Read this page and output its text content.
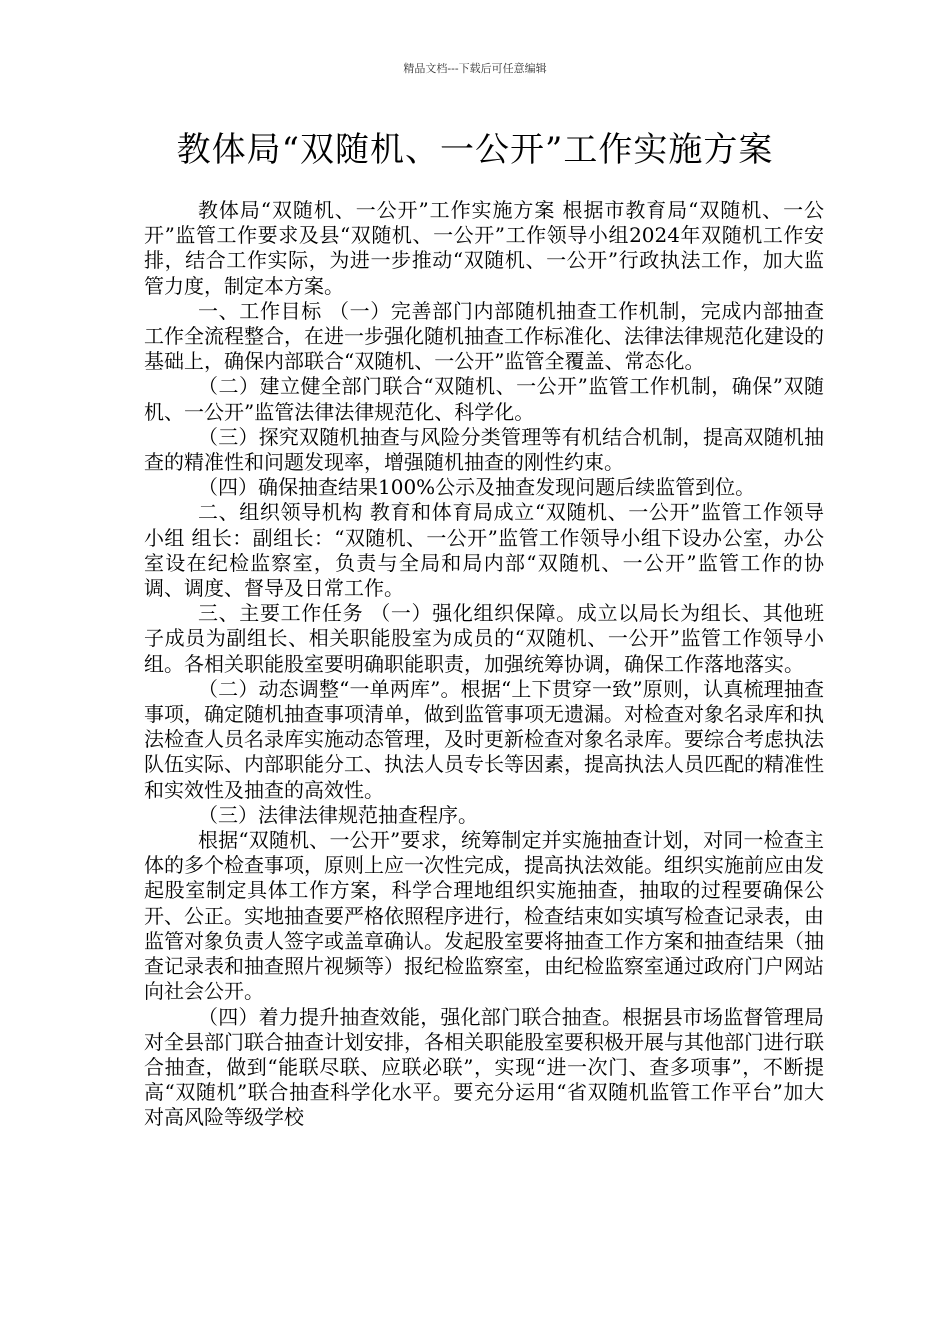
精品文档---下载后可任意编辑
教体局“双随机、一公开”工作实施方案

教体局“双随机、一公开”工作实施方案 根据市教育局“双随机、一公开”监管工作要求及县“双随机、一公开”工作领导小组2024年双随机工作安排，结合工作实际，为进一步推动“双随机、一公开”行政执法工作，加大监管力度，制定本方案。

一、工作目标 （一）完善部门内部随机抽查工作机制，完成内部抽查工作全流程整合，在进一步强化随机抽查工作标准化、法律法律规范化建设的基础上，确保内部联合“双随机、一公开”监管全覆盖、常态化。

（二）建立健全部门联合“双随机、一公开”监管工作机制，确保”双随机、一公开”监管法律法律规范化、科学化。

（三）探究双随机抽查与风险分类管理等有机结合机制，提高双随机抽查的精准性和问题发现率，增强随机抽查的刚性约束。

（四）确保抽查结果100%公示及抽查发现问题后续监管到位。

二、组织领导机构 教育和体育局成立“双随机、一公开”监管工作领导小组 组长：副组长：“双随机、一公开”监管工作领导小组下设办公室，办公室设在纪检监察室，负责与全局和局内部“双随机、一公开”监管工作的协调、调度、督导及日常工作。

三、主要工作任务 （一）强化组织保障。成立以局长为组长、其他班子成员为副组长、相关职能股室为成员的“双随机、一公开”监管工作领导小组。各相关职能股室要明确职能职责，加强统筹协调，确保工作落地落实。

（二）动态调整“一单两库”。根据“上下贯穿一致”原则，认真梳理抽查事项，确定随机抽查事项清单，做到监管事项无遗漏。对检查对象名录库和执法检查人员名录库实施动态管理，及时更新检查对象名录库。要综合考虑执法队伍实际、内部职能分工、执法人员专长等因素，提高执法人员匹配的精准性和实效性及抽查的高效性。

（三）法律法律规范抽查程序。

根据“双随机、一公开”要求，统筹制定并实施抽查计划，对同一检查主体的多个检查事项，原则上应一次性完成，提高执法效能。组织实施前应由发起股室制定具体工作方案，科学合理地组织实施抽查，抽取的过程要确保公开、公正。实地抽查要严格依照程序进行，检查结束如实填写检查记录表，由监管对象负责人签字或盖章确认。发起股室要将抽查工作方案和抽查结果（抽查记录表和抽查照片视频等）报纪检监察室，由纪检监察室通过政府门户网站向社会公开。

（四）着力提升抽查效能，强化部门联合抽查。根据县市场监督管理局对全县部门联合抽查计划安排，各相关职能股室要积极开展与其他部门进行联合抽查，做到“能联尽联、应联必联”，实现“进一次门、查多项事”，不断提高“双随机”联合抽查科学化水平。要充分运用“省双随机监管工作平台”加大对高风险等级学校
